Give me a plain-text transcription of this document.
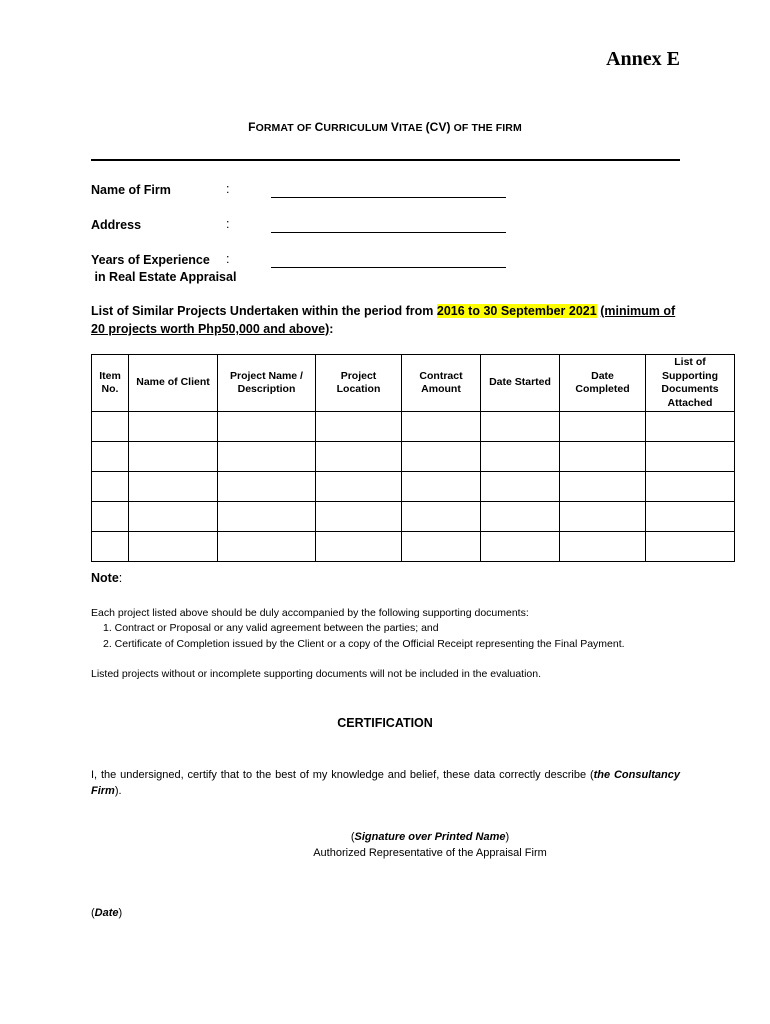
Annex E
FORMAT OF CURRICULUM VITAE (CV) OF THE FIRM
Name of Firm	:
Address	:
Years of Experience
in Real Estate Appraisal
:
List of Similar Projects Undertaken within the period from 2016 to 30 September 2021 (minimum of 20 projects worth Php50,000 and above):
Item No.	Name of Client	Project Name / Description	Project Location	Contract Amount	Date Started	Date Completed	List of Supporting Documents Attached

Note:
Each project listed above should be duly accompanied by the following supporting documents:
1. Contract or Proposal or any valid agreement between the parties; and
2. Certificate of Completion issued by the Client or a copy of the Official Receipt representing the Final Payment.
Listed projects without or incomplete supporting documents will not be included in the evaluation.
CERTIFICATION
I, the undersigned, certify that to the best of my knowledge and belief, these data correctly describe (the Consultancy Firm).
(Signature over Printed Name)
Authorized Representative of the Appraisal Firm
(Date)
